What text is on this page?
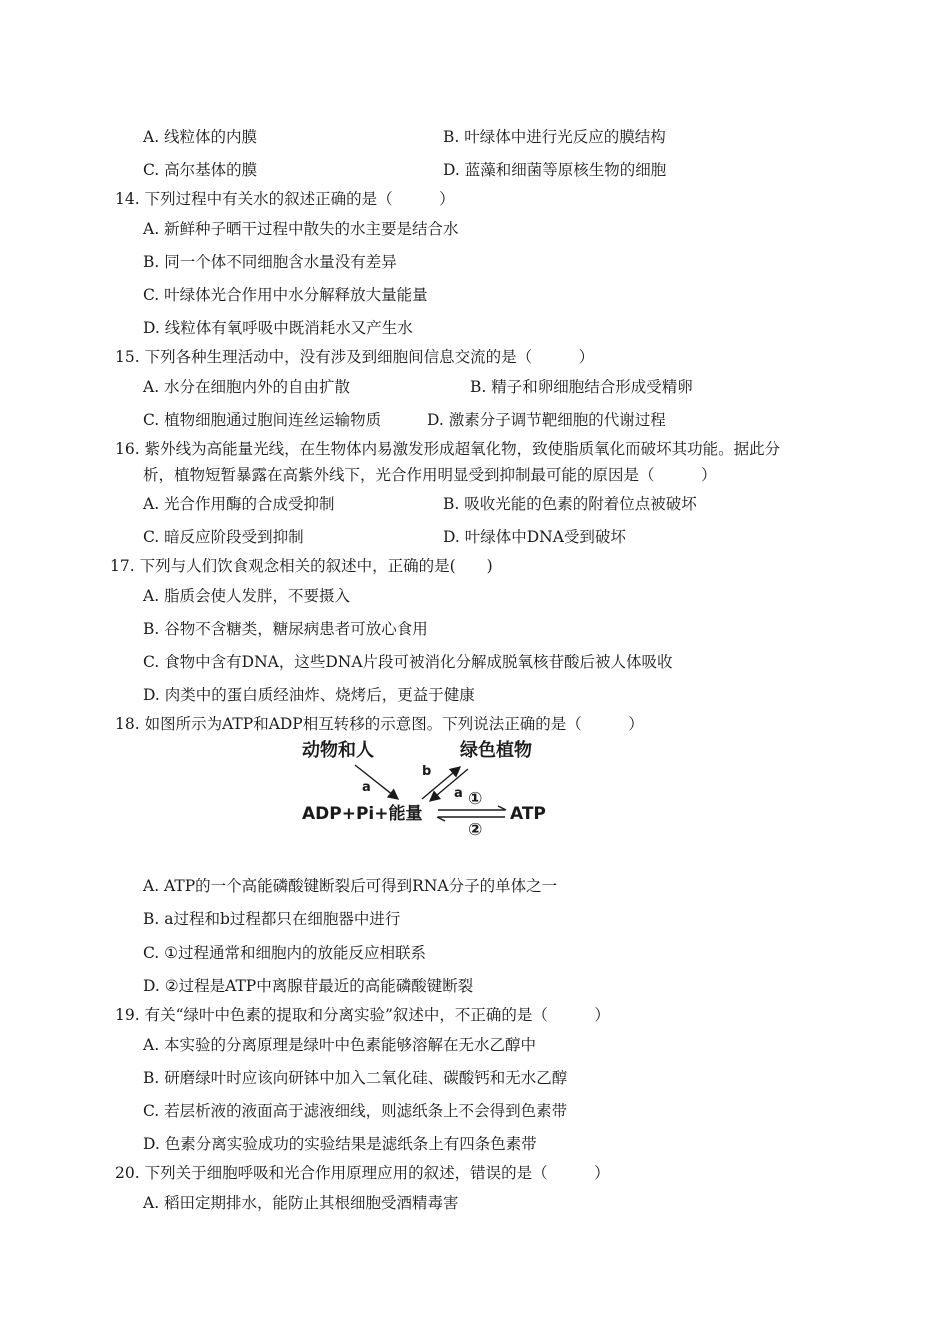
A. 线粒体的内膜	B. 叶绿体中进行光反应的膜结构
C. 高尔基体的膜	D. 蓝藻和细菌等原核生物的细胞
14. 下列过程中有关水的叙述正确的是（　　　）
A. 新鲜种子晒干过程中散失的水主要是结合水
B. 同一个体不同细胞含水量没有差异
C. 叶绿体光合作用中水分解释放大量能量
D. 线粒体有氧呼吸中既消耗水又产生水
15. 下列各种生理活动中，没有涉及到细胞间信息交流的是（　　　）
A. 水分在细胞内外的自由扩散	B. 精子和卵细胞结合形成受精卵
C. 植物细胞通过胞间连丝运输物质	D. 激素分子调节靶细胞的代谢过程
16. 紫外线为高能量光线，在生物体内易激发形成超氧化物，致使脂质氧化而破坏其功能。据此分
析，植物短暂暴露在高紫外线下，光合作用明显受到抑制最可能的原因是（　　　）
A. 光合作用酶的合成受抑制	B. 吸收光能的色素的附着位点被破坏
C. 暗反应阶段受到抑制	D. 叶绿体中DNA受到破坏
17. 下列与人们饮食观念相关的叙述中，正确的是(　　)
A. 脂质会使人发胖，不要摄入
B. 谷物不含糖类，糖尿病患者可放心食用
C. 食物中含有DNA，这些DNA片段可被消化分解成脱氧核苷酸后被人体吸收
D. 肉类中的蛋白质经油炸、烧烤后，更益于健康
18. 如图所示为ATP和ADP相互转移的示意图。下列说法正确的是（　　　）
动物和人	绿色植物
a
b
a
ADP+Pi+能量	ATP
①
②
A. ATP的一个高能磷酸键断裂后可得到RNA分子的单体之一
B. a过程和b过程都只在细胞器中进行
C. ①过程通常和细胞内的放能反应相联系
D. ②过程是ATP中离腺苷最近的高能磷酸键断裂
19. 有关“绿叶中色素的提取和分离实验”叙述中，不正确的是（　　　）
A. 本实验的分离原理是绿叶中色素能够溶解在无水乙醇中
B. 研磨绿叶时应该向研钵中加入二氧化硅、碳酸钙和无水乙醇
C. 若层析液的液面高于滤液细线，则滤纸条上不会得到色素带
D. 色素分离实验成功的实验结果是滤纸条上有四条色素带
20. 下列关于细胞呼吸和光合作用原理应用的叙述，错误的是（　　　）
A. 稻田定期排水，能防止其根细胞受酒精毒害
